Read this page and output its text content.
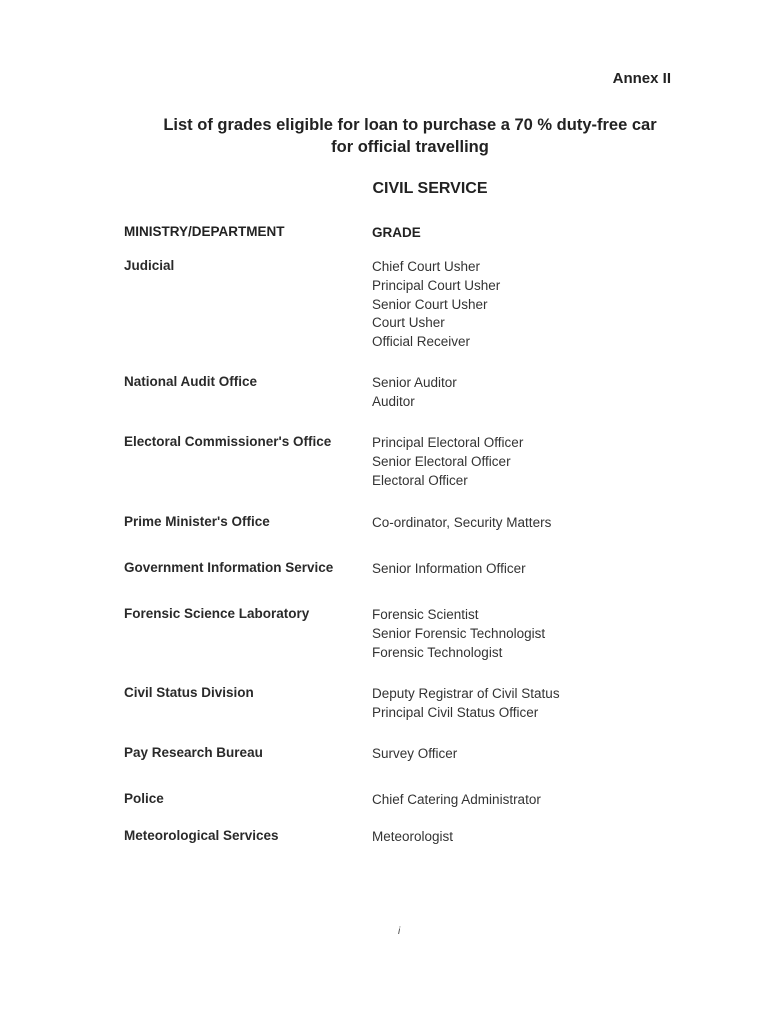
Annex II
List of grades eligible for loan to purchase a 70 % duty-free car
for official travelling
CIVIL SERVICE
MINISTRY/DEPARTMENT	GRADE
Judicial	Chief Court Usher
Principal Court Usher
Senior Court Usher
Court Usher
Official Receiver
National Audit Office	Senior Auditor
Auditor
Electoral Commissioner's Office	Principal Electoral Officer
Senior Electoral Officer
Electoral Officer
Prime Minister's Office	Co-ordinator, Security Matters
Government Information Service	Senior Information Officer
Forensic Science Laboratory	Forensic Scientist
Senior Forensic Technologist
Forensic Technologist
Civil Status Division	Deputy Registrar of Civil Status
Principal Civil Status Officer
Pay Research Bureau	Survey Officer
Police	Chief Catering Administrator
Meteorological Services	Meteorologist
i
